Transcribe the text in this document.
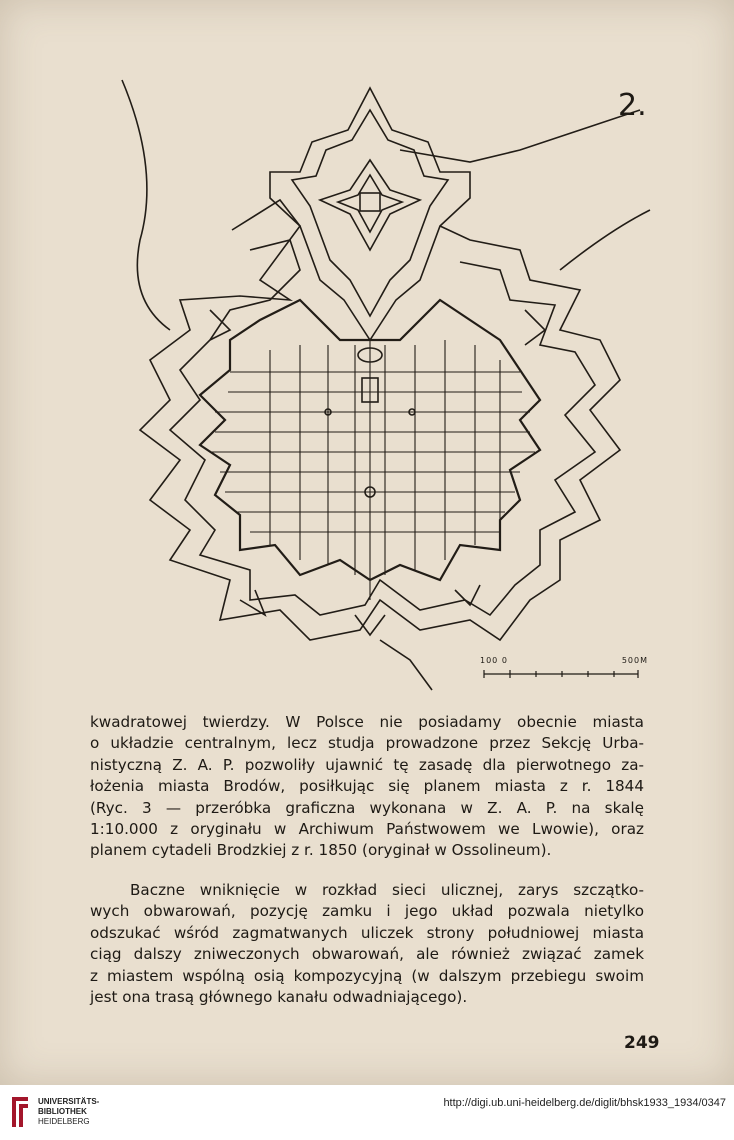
2.
100 0	500M
kwadratowej twierdzy. W Polsce nie posiadamy obecnie miasta
o układzie centralnym, lecz studja prowadzone przez Sekcję Urba-
nistyczną Z. A. P. pozwoliły ujawnić tę zasadę dla pierwotnego za-
łożenia miasta Brodów, posiłkując się planem miasta z r. 1844
(Ryc. 3 — przeróbka graficzna wykonana w Z. A. P. na skalę
1:10.000 z oryginału w Archiwum Państwowem we Lwowie), oraz
planem cytadeli Brodzkiej z r. 1850 (oryginał w Ossolineum).
Baczne wniknięcie w rozkład sieci ulicznej, zarys szczątko-
wych obwarowań, pozycję zamku i jego układ pozwala nietylko
odszukać wśród zagmatwanych uliczek strony południowej miasta
ciąg dalszy zniweczonych obwarowań, ale również związać zamek
z miastem wspólną osią kompozycyjną (w dalszym przebiegu swoim
jest ona trasą głównego kanału odwadniającego).
249
UNIVERSITÄTS-
BIBLIOTHEK
HEIDELBERG
http://digi.ub.uni-heidelberg.de/diglit/bhsk1933_1934/0347
